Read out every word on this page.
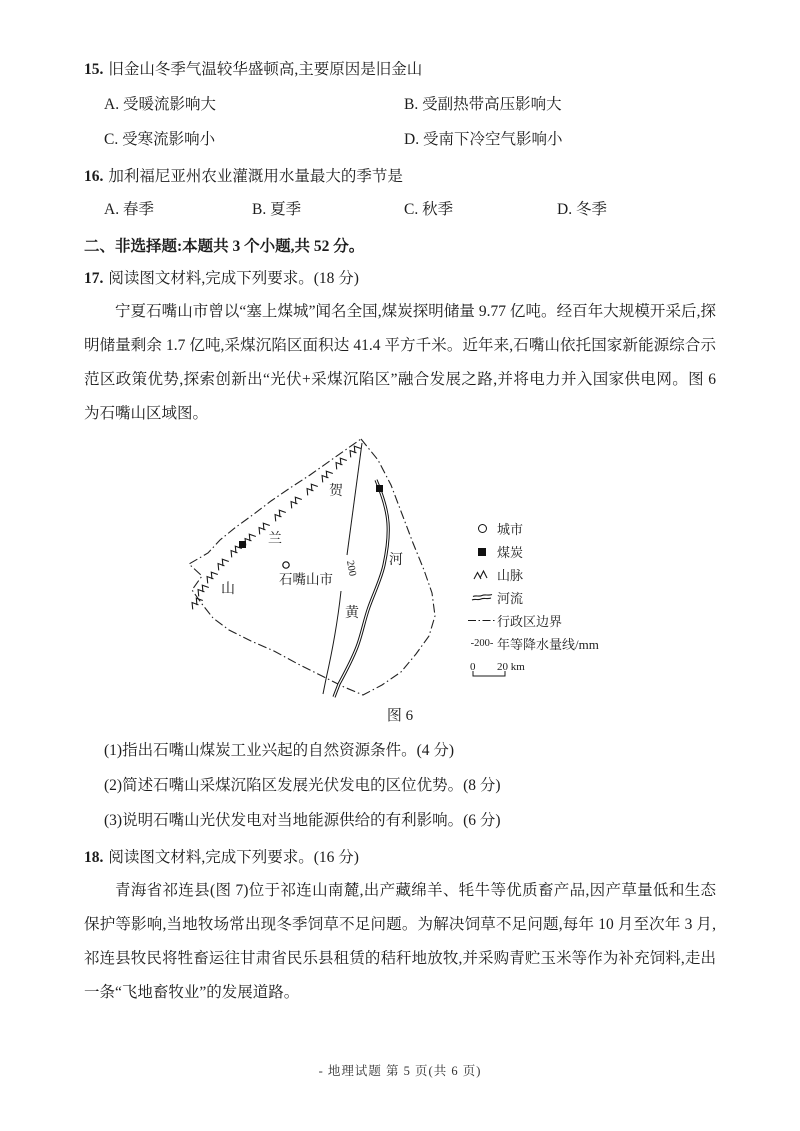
15. 旧金山冬季气温较华盛顿高,主要原因是旧金山
A. 受暖流影响大	B. 受副热带高压影响大
C. 受寒流影响小	D. 受南下冷空气影响小
16. 加利福尼亚州农业灌溉用水量最大的季节是
A. 春季	B. 夏季	C. 秋季	D. 冬季
二、非选择题:本题共 3 个小题,共 52 分。
17. 阅读图文材料,完成下列要求。(18 分)
宁夏石嘴山市曾以“塞上煤城”闻名全国,煤炭探明储量 9.77 亿吨。经百年大规模开采后,探明储量剩余 1.7 亿吨,采煤沉陷区面积达 41.4 平方千米。近年来,石嘴山依托国家新能源综合示范区政策优势,探索创新出“光伏+采煤沉陷区”融合发展之路,并将电力并入国家供电网。图 6 为石嘴山区域图。
200
石嘴山市
贺
兰
山
河
黄
城市
煤炭
山脉
河流
行政区边界
-200- 年等降水量线/mm
0 20 km
图 6
(1)指出石嘴山煤炭工业兴起的自然资源条件。(4 分)
(2)简述石嘴山采煤沉陷区发展光伏发电的区位优势。(8 分)
(3)说明石嘴山光伏发电对当地能源供给的有利影响。(6 分)
18. 阅读图文材料,完成下列要求。(16 分)
青海省祁连县(图 7)位于祁连山南麓,出产藏绵羊、牦牛等优质畜产品,因产草量低和生态保护等影响,当地牧场常出现冬季饲草不足问题。为解决饲草不足问题,每年 10 月至次年 3 月,祁连县牧民将牲畜运往甘肃省民乐县租赁的秸秆地放牧,并采购青贮玉米等作为补充饲料,走出一条“飞地畜牧业”的发展道路。
- 地理试题 第 5 页(共 6 页)
